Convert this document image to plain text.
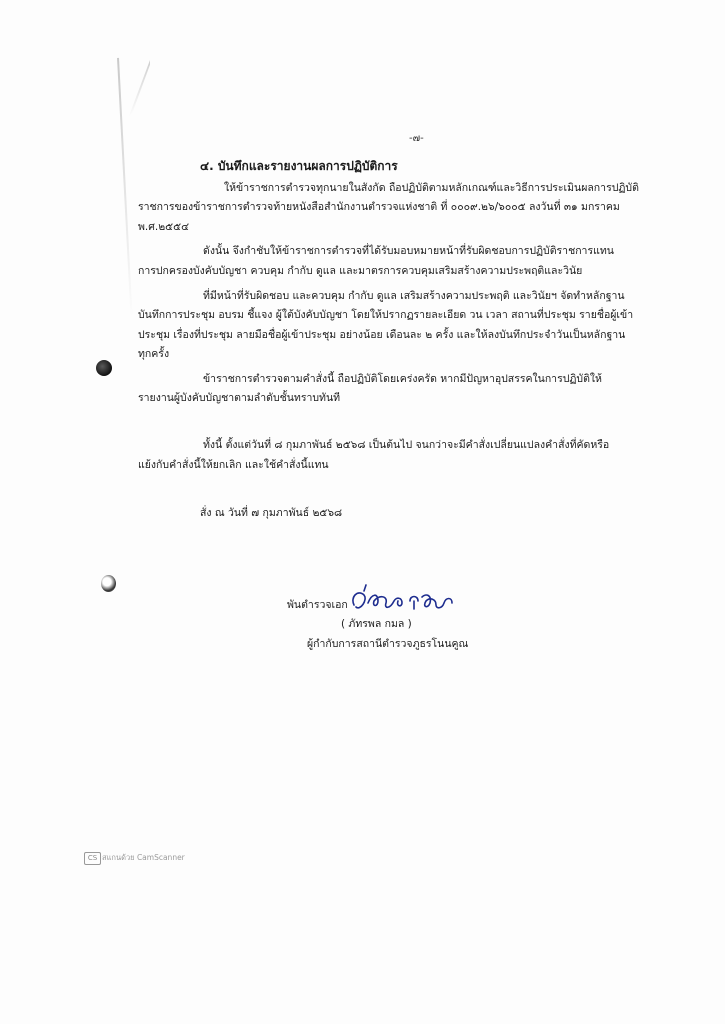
-๗-
๔. บันทึกและรายงานผลการปฏิบัติการ
ให้ข้าราชการตำรวจทุกนายในสังกัด ถือปฏิบัติตามหลักเกณฑ์และวิธีการประเมินผลการปฏิบัติ
ราชการของข้าราชการตำรวจท้ายหนังสือสำนักงานตำรวจแห่งชาติ ที่ ๐๐๐๙.๒๖/๖๐๐๕ ลงวันที่ ๓๑ มกราคม
พ.ศ.๒๕๕๔
ดังนั้น จึงกำชับให้ข้าราชการตำรวจที่ได้รับมอบหมายหน้าที่รับผิดชอบการปฏิบัติราชการแทน
การปกครองบังคับบัญชา ควบคุม กำกับ ดูแล และมาตรการควบคุมเสริมสร้างความประพฤติและวินัย
ที่มีหน้าที่รับผิดชอบ และควบคุม กำกับ ดูแล เสริมสร้างความประพฤติ และวินัยฯ จัดทำหลักฐาน
บันทึกการประชุม อบรม ชี้แจง ผู้ใต้บังคับบัญชา โดยให้ปรากฏรายละเอียด วน เวลา สถานที่ประชุม รายชื่อผู้เข้า
ประชุม เรื่องที่ประชุม ลายมือชื่อผู้เข้าประชุม อย่างน้อย เดือนละ ๒ ครั้ง และให้ลงบันทึกประจำวันเป็นหลักฐาน
ทุกครั้ง
ข้าราชการตำรวจตามคำสั่งนี้ ถือปฏิบัติโดยเคร่งครัด หากมีปัญหาอุปสรรคในการปฏิบัติให้
รายงานผู้บังคับบัญชาตามลำดับชั้นทราบทันที
ทั้งนี้ ตั้งแต่วันที่ ๘ กุมภาพันธ์ ๒๕๖๘ เป็นต้นไป จนกว่าจะมีคำสั่งเปลี่ยนแปลงคำสั่งที่คัดหรือ
แย้งกับคำสั่งนี้ให้ยกเลิก และใช้คำสั่งนี้แทน
สั่ง ณ วันที่ ๗ กุมภาพันธ์ ๒๕๖๘
พันตำรวจเอก
( ภัทรพล กมล )
ผู้กำกับการสถานีตำรวจภูธรโนนคูณ
CS สแกนด้วย CamScanner
